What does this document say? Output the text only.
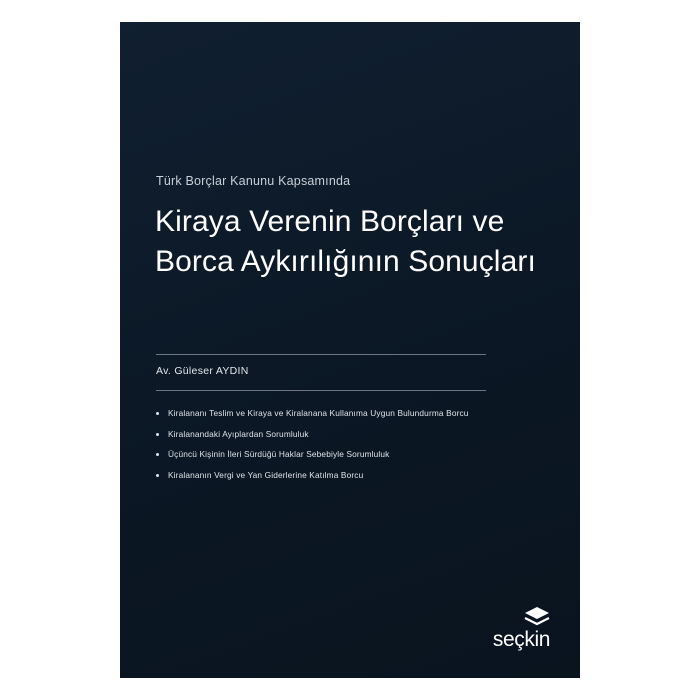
Türk Borçlar Kanunu Kapsamında
Kiraya Verenin Borçları ve Borca Aykırılığının Sonuçları
Av. Güleser AYDIN
Kiralananı Teslim ve Kiraya ve Kiralanana Kullanıma Uygun Bulundurma Borcu
Kiralanandaki Ayıplardan Sorumluluk
Üçüncü Kişinin İleri Sürdüğü Haklar Sebebiyle Sorumluluk
Kiralananın Vergi ve Yan Giderlerine Katılma Borcu
seçkin
